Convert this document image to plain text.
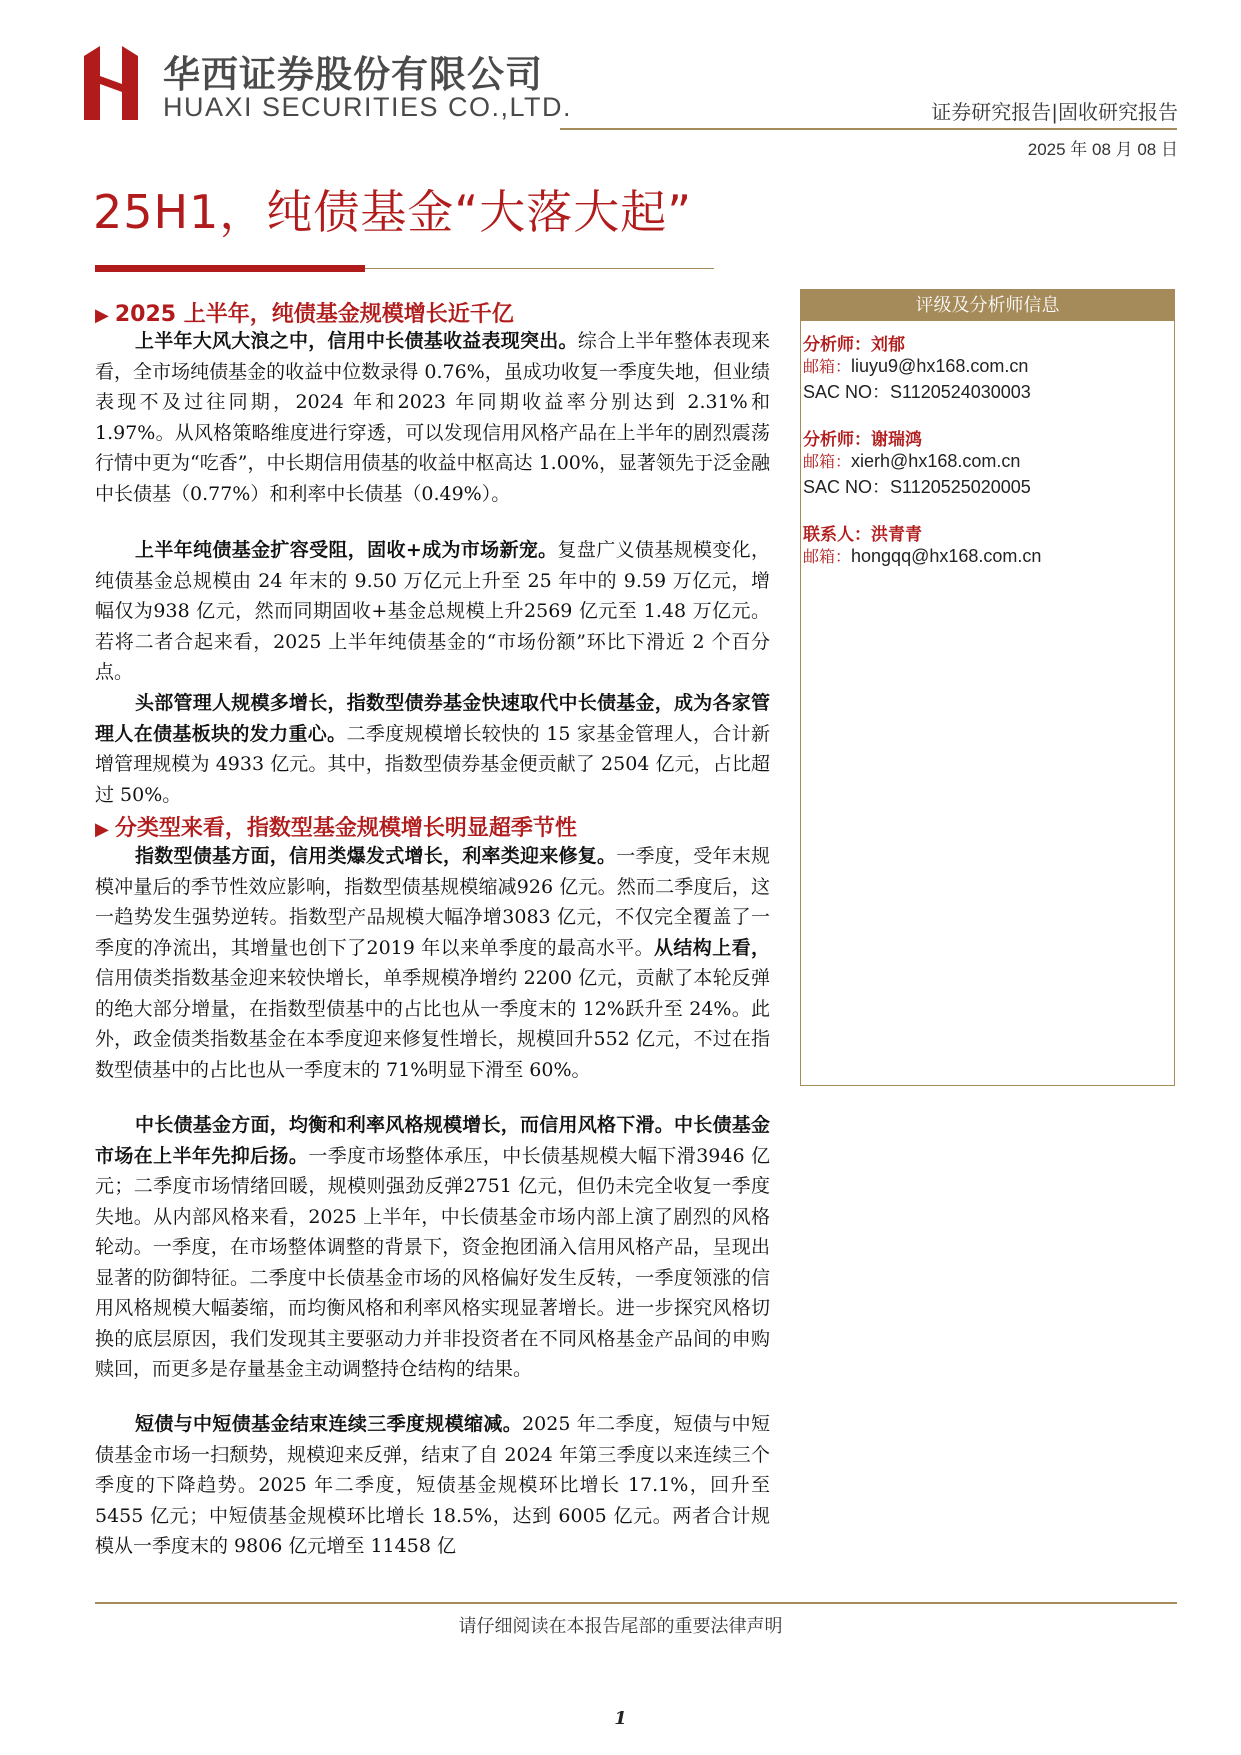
华西证券股份有限公司
HUAXI SECURITIES CO.,LTD.	证券研究报告|固收研究报告
2025 年 08 月 08 日
25H1，纯债基金“大落大起”
▶ 2025 上半年，纯债基金规模增长近千亿

上半年大风大浪之中，信用中长债基收益表现突出。综合上半年整体表现来看，全市场纯债基金的收益中位数录得 0.76%，虽成功收复一季度失地，但业绩表现不及过往同期，2024 年和2023 年同期收益率分别达到 2.31%和 1.97%。从风格策略维度进行穿透，可以发现信用风格产品在上半年的剧烈震荡行情中更为“吃香”，中长期信用债基的收益中枢高达 1.00%，显著领先于泛金融中长债基（0.77%）和利率中长债基（0.49%）。

上半年纯债基金扩容受阻，固收+成为市场新宠。复盘广义债基规模变化，纯债基金总规模由 24 年末的 9.50 万亿元上升至 25 年中的 9.59 万亿元，增幅仅为938 亿元，然而同期固收+基金总规模上升2569 亿元至 1.48 万亿元。若将二者合起来看，2025 上半年纯债基金的“市场份额”环比下滑近 2 个百分点。

头部管理人规模多增长，指数型债券基金快速取代中长债基金，成为各家管理人在债基板块的发力重心。二季度规模增长较快的 15 家基金管理人，合计新增管理规模为 4933 亿元。其中，指数型债券基金便贡献了 2504 亿元，占比超过 50%。

▶ 分类型来看，指数型基金规模增长明显超季节性

指数型债基方面，信用类爆发式增长，利率类迎来修复。一季度，受年末规模冲量后的季节性效应影响，指数型债基规模缩减926 亿元。然而二季度后，这一趋势发生强势逆转。指数型产品规模大幅净增3083 亿元，不仅完全覆盖了一季度的净流出，其增量也创下了2019 年以来单季度的最高水平。从结构上看，信用债类指数基金迎来较快增长，单季规模净增约 2200 亿元，贡献了本轮反弹的绝大部分增量，在指数型债基中的占比也从一季度末的 12%跃升至 24%。此外，政金债类指数基金在本季度迎来修复性增长，规模回升552 亿元，不过在指数型债基中的占比也从一季度末的 71%明显下滑至 60%。

中长债基金方面，均衡和利率风格规模增长，而信用风格下滑。中长债基金市场在上半年先抑后扬。一季度市场整体承压，中长债基规模大幅下滑3946 亿元；二季度市场情绪回暖，规模则强劲反弹2751 亿元，但仍未完全收复一季度失地。从内部风格来看，2025 上半年，中长债基金市场内部上演了剧烈的风格轮动。一季度，在市场整体调整的背景下，资金抱团涌入信用风格产品，呈现出显著的防御特征。二季度中长债基金市场的风格偏好发生反转，一季度领涨的信用风格规模大幅萎缩，而均衡风格和利率风格实现显著增长。进一步探究风格切换的底层原因，我们发现其主要驱动力并非投资者在不同风格基金产品间的申购赎回，而更多是存量基金主动调整持仓结构的结果。

短债与中短债基金结束连续三季度规模缩减。2025 年二季度，短债与中短债基金市场一扫颓势，规模迎来反弹，结束了自 2024 年第三季度以来连续三个季度的下降趋势。2025 年二季度，短债基金规模环比增长 17.1%，回升至 5455 亿元；中短债基金规模环比增长 18.5%，达到 6005 亿元。两者合计规模从一季度末的 9806 亿元增至 11458 亿

评级及分析师信息
分析师：刘郁
邮箱：liuyu9@hx168.com.cn
SAC NO：S1120524030003
分析师：谢瑞鸿
邮箱：xierh@hx168.com.cn
SAC NO：S1120525020005
联系人：洪青青
邮箱：hongqq@hx168.com.cn
请仔细阅读在本报告尾部的重要法律声明
1
